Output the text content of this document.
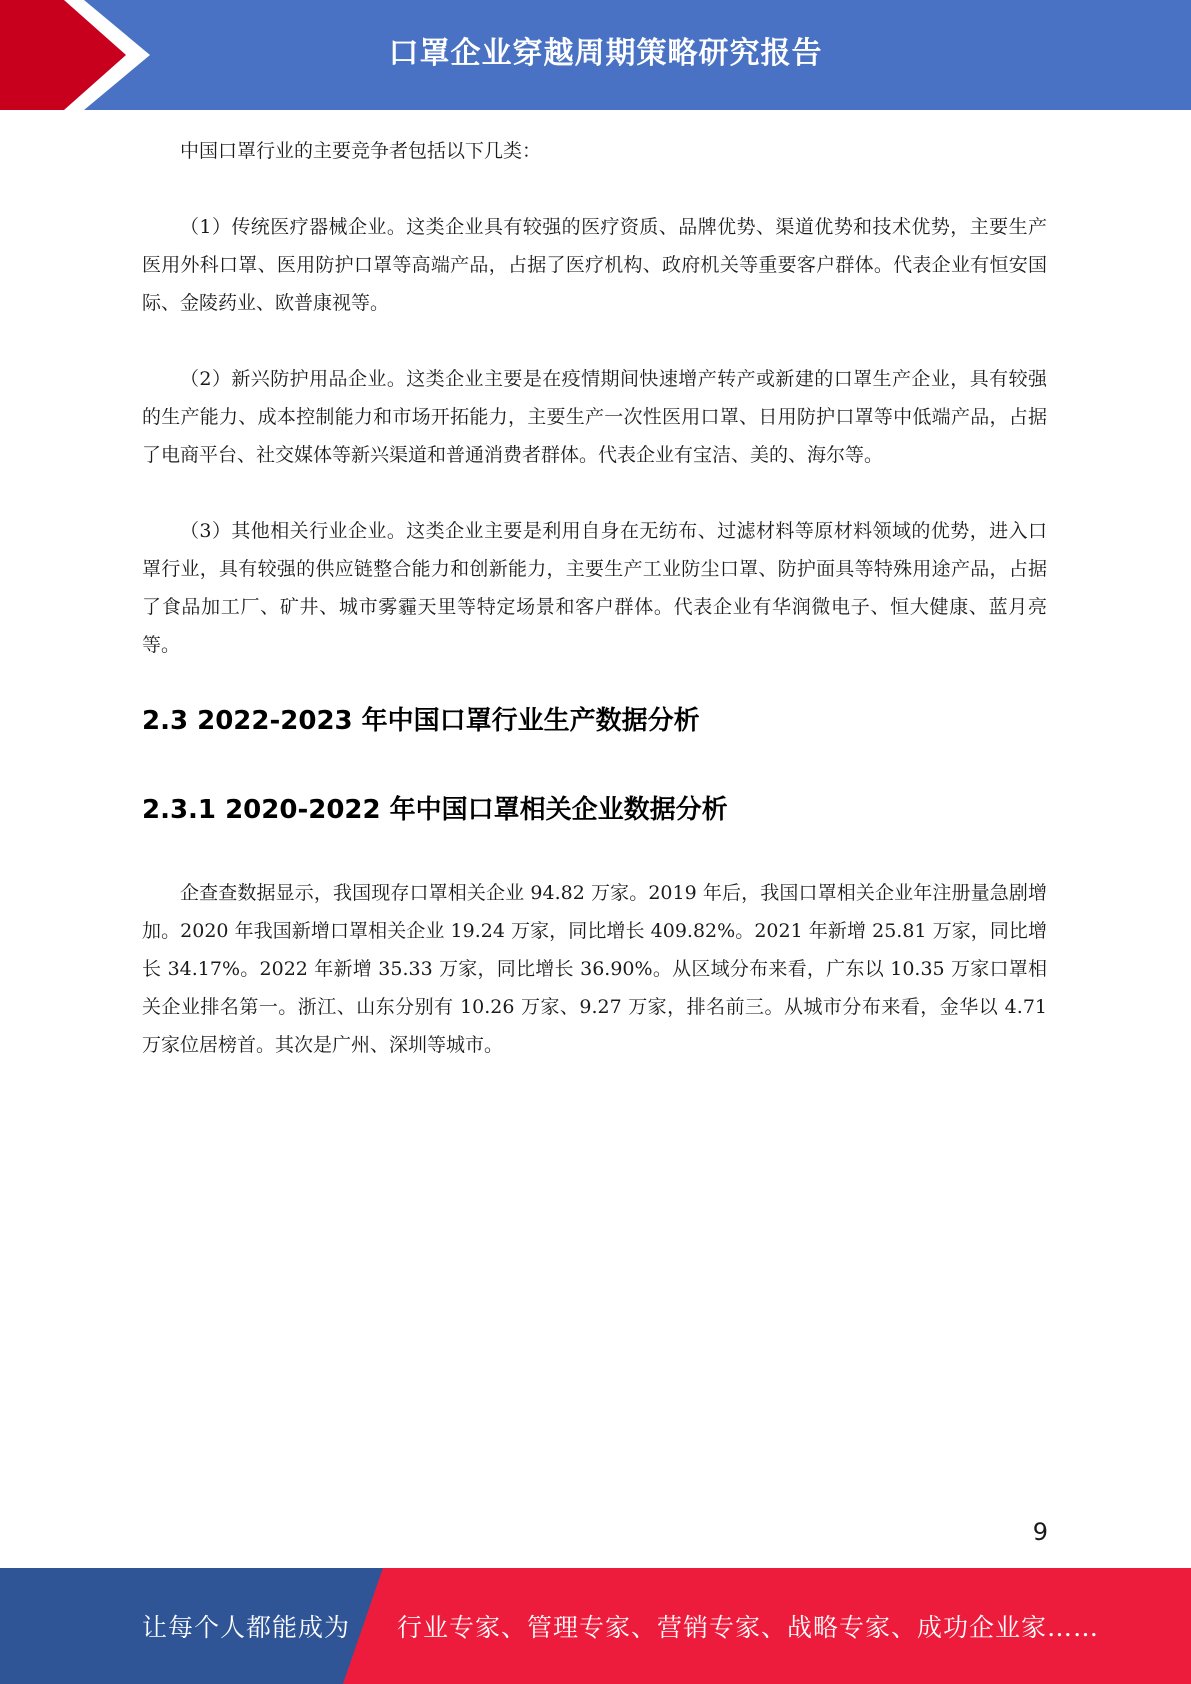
口罩企业穿越周期策略研究报告

中国口罩行业的主要竞争者包括以下几类：

（1）传统医疗器械企业。这类企业具有较强的医疗资质、品牌优势、渠道优势和技术优势，主要生产医用外科口罩、医用防护口罩等高端产品，占据了医疗机构、政府机关等重要客户群体。代表企业有恒安国际、金陵药业、欧普康视等。

（2）新兴防护用品企业。这类企业主要是在疫情期间快速增产转产或新建的口罩生产企业，具有较强的生产能力、成本控制能力和市场开拓能力，主要生产一次性医用口罩、日用防护口罩等中低端产品，占据了电商平台、社交媒体等新兴渠道和普通消费者群体。代表企业有宝洁、美的、海尔等。

（3）其他相关行业企业。这类企业主要是利用自身在无纺布、过滤材料等原材料领域的优势，进入口罩行业，具有较强的供应链整合能力和创新能力，主要生产工业防尘口罩、防护面具等特殊用途产品，占据了食品加工厂、矿井、城市雾霾天里等特定场景和客户群体。代表企业有华润微电子、恒大健康、蓝月亮等。

2.3 2022-2023 年中国口罩行业生产数据分析
2.3.1 2020-2022 年中国口罩相关企业数据分析

企查查数据显示，我国现存口罩相关企业 94.82 万家。2019 年后，我国口罩相关企业年注册量急剧增加。2020 年我国新增口罩相关企业 19.24 万家，同比增长 409.82%。2021 年新增 25.81 万家，同比增长 34.17%。2022 年新增 35.33 万家，同比增长 36.90%。从区域分布来看，广东以 10.35 万家口罩相关企业排名第一。浙江、山东分别有 10.26 万家、9.27 万家，排名前三。从城市分布来看，金华以 4.71 万家位居榜首。其次是广州、深圳等城市。

9
让每个人都能成为 行业专家、管理专家、营销专家、战略专家、成功企业家……
